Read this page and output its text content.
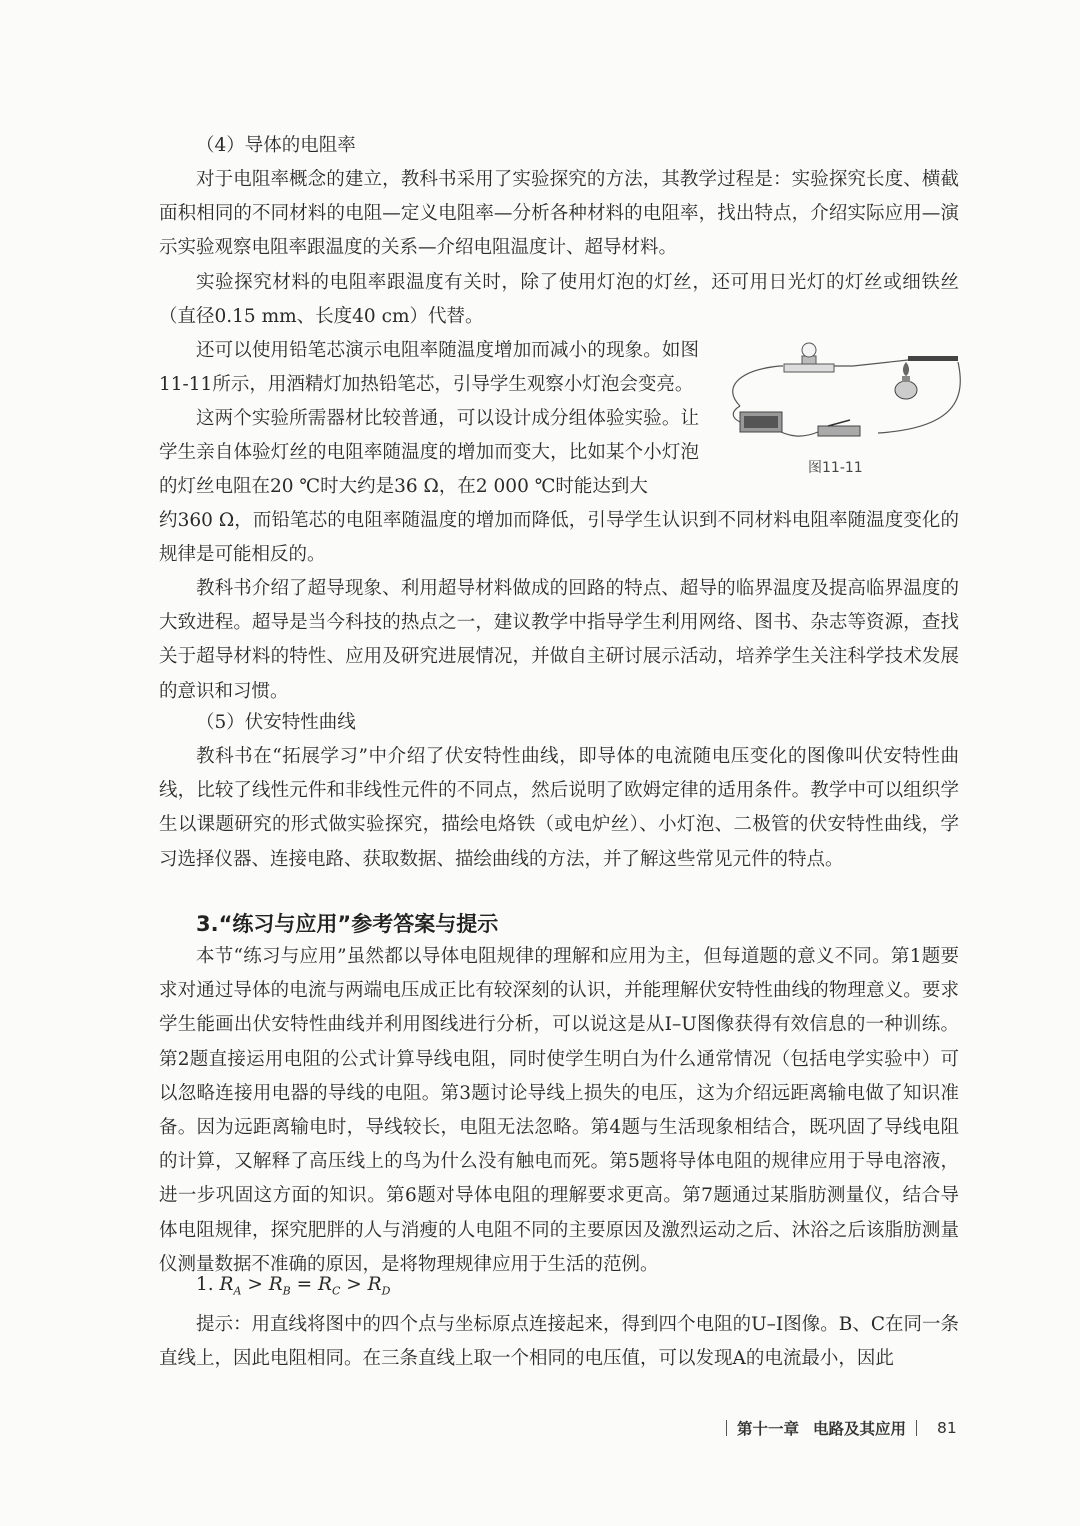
（4）导体的电阻率

对于电阻率概念的建立，教科书采用了实验探究的方法，其教学过程是：实验探究长度、横截面积相同的不同材料的电阻—定义电阻率—分析各种材料的电阻率，找出特点，介绍实际应用—演示实验观察电阻率跟温度的关系—介绍电阻温度计、超导材料。

实验探究材料的电阻率跟温度有关时，除了使用灯泡的灯丝，还可用日光灯的灯丝或细铁丝（直径0.15 mm、长度40 cm）代替。

还可以使用铅笔芯演示电阻率随温度增加而减小的现象。如图11-11所示，用酒精灯加热铅笔芯，引导学生观察小灯泡会变亮。

这两个实验所需器材比较普通，可以设计成分组体验实验。让学生亲自体验灯丝的电阻率随温度的增加而变大，比如某个小灯泡的灯丝电阻在20 ℃时大约是36 Ω，在2 000 ℃时能达到大

约360 Ω，而铅笔芯的电阻率随温度的增加而降低，引导学生认识到不同材料电阻率随温度变化的规律是可能相反的。

教科书介绍了超导现象、利用超导材料做成的回路的特点、超导的临界温度及提高临界温度的大致进程。超导是当今科技的热点之一，建议教学中指导学生利用网络、图书、杂志等资源，查找关于超导材料的特性、应用及研究进展情况，并做自主研讨展示活动，培养学生关注科学技术发展的意识和习惯。

（5）伏安特性曲线

教科书在“拓展学习”中介绍了伏安特性曲线，即导体的电流随电压变化的图像叫伏安特性曲线，比较了线性元件和非线性元件的不同点，然后说明了欧姆定律的适用条件。教学中可以组织学生以课题研究的形式做实验探究，描绘电烙铁（或电炉丝）、小灯泡、二极管的伏安特性曲线，学习选择仪器、连接电路、获取数据、描绘曲线的方法，并了解这些常见元件的特点。

3.“练习与应用”参考答案与提示

本节“练习与应用”虽然都以导体电阻规律的理解和应用为主，但每道题的意义不同。第1题要求对通过导体的电流与两端电压成正比有较深刻的认识，并能理解伏安特性曲线的物理意义。要求学生能画出伏安特性曲线并利用图线进行分析，可以说这是从I–U图像获得有效信息的一种训练。第2题直接运用电阻的公式计算导线电阻，同时使学生明白为什么通常情况（包括电学实验中）可以忽略连接用电器的导线的电阻。第3题讨论导线上损失的电压，这为介绍远距离输电做了知识准备。因为远距离输电时，导线较长，电阻无法忽略。第4题与生活现象相结合，既巩固了导线电阻的计算，又解释了高压线上的鸟为什么没有触电而死。第5题将导体电阻的规律应用于导电溶液，进一步巩固这方面的知识。第6题对导体电阻的理解要求更高。第7题通过某脂肪测量仪，结合导体电阻规律，探究肥胖的人与消瘦的人电阻不同的主要原因及激烈运动之后、沐浴之后该脂肪测量仪测量数据不准确的原因，是将物理规律应用于生活的范例。

1. $R_A > R_B = R_C > R_D$

提示：用直线将图中的四个点与坐标原点连接起来，得到四个电阻的U–I图像。B、C在同一条直线上，因此电阻相同。在三条直线上取一个相同的电压值，可以发现A的电流最小，因此

图11-11

第十一章 电路及其应用 81
